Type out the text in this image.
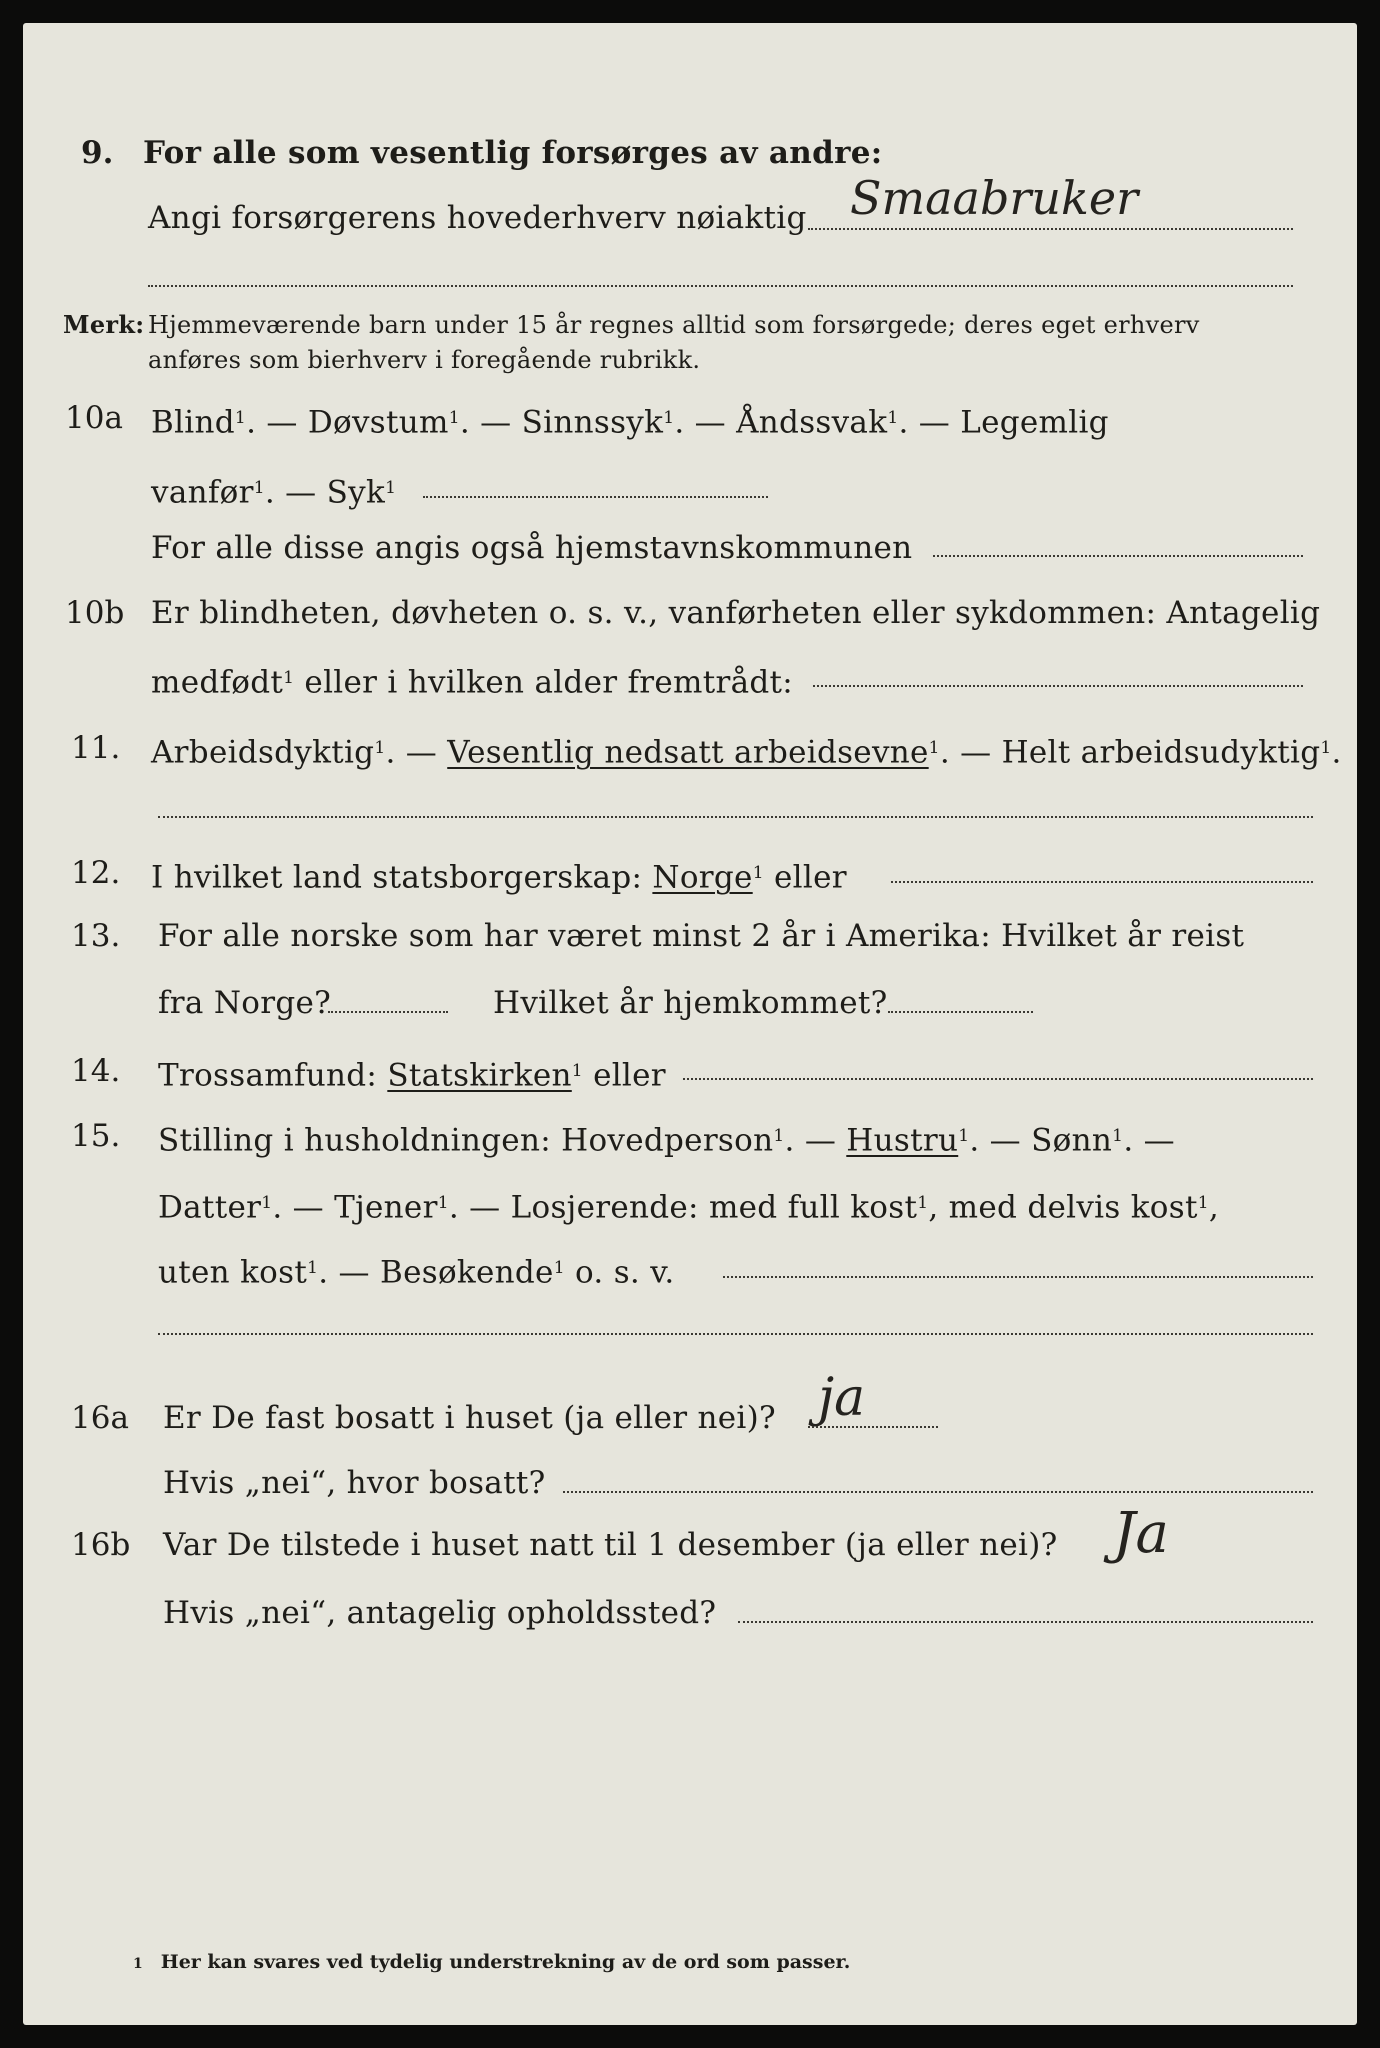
9. For alle som vesentlig forsørges av andre:
Angi forsørgerens hovederhverv nøiaktig Smaabruker
Merk: Hjemmeværende barn under 15 år regnes alltid som forsørgede; deres eget erhverv
anføres som bierhverv i foregående rubrikk.
10a Blind$^1$. — Døvstum$^1$. — Sinnssyk$^1$. — Åndssvak$^1$. — Legemlig
vanfør$^1$. — Syk$^1$
For alle disse angis også hjemstavnskommunen
10b Er blindheten, døvheten o. s. v., vanførheten eller sykdommen: Antagelig
medfødt$^1$ eller i hvilken alder fremtrådt:
11. Arbeidsdyktig$^1$. — Vesentlig nedsatt arbeidsevne$^1$. — Helt arbeidsudyktig$^1$.
12. I hvilket land statsborgerskap: Norge$^1$ eller
13. For alle norske som har været minst 2 år i Amerika: Hvilket år reist
fra Norge?	Hvilket år hjemkommet?
14. Trossamfund: Statskirken$^1$ eller
15. Stilling i husholdningen: Hovedperson$^1$. — Hustru$^1$. — Sønn$^1$. —
Datter$^1$. — Tjener$^1$. — Losjerende: med full kost$^1$, med delvis kost$^1$,
uten kost$^1$. — Besøkende$^1$ o. s. v.
16a Er De fast bosatt i huset (ja eller nei)? ja
Hvis „nei“, hvor bosatt?
16b Var De tilstede i huset natt til 1 desember (ja eller nei)? Ja
Hvis „nei“, antagelig opholdssted?
1 Her kan svares ved tydelig understrekning av de ord som passer.
